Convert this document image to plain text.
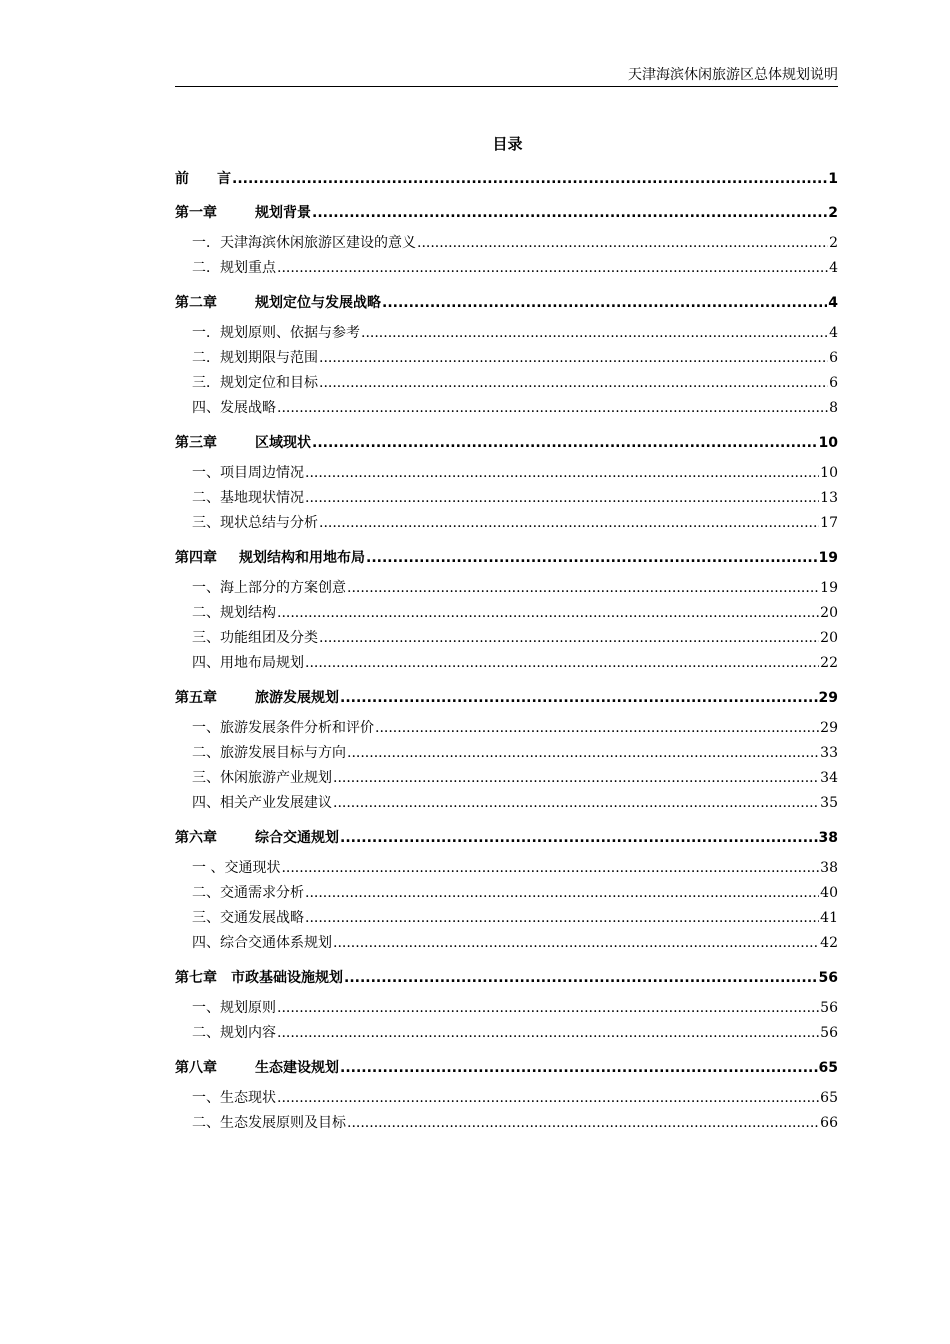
天津海滨休闲旅游区总体规划说明
目录
前　　言 .....	1
第一章	规划背景 .....	2
一．天津海滨休闲旅游区建设的意义 .....	2
二．规划重点 .....	4
第二章	规划定位与发展战略 .....	4
一．规划原则、依据与参考 .....	4
二．规划期限与范围 .....	6
三．规划定位和目标 .....	6
四、发展战略 .....	8
第三章	区域现状 .....	10
一、项目周边情况 .....	10
二、基地现状情况 .....	13
三、现状总结与分析 .....	17
第四章	规划结构和用地布局 .....	19
一、海上部分的方案创意 .....	19
二、规划结构 .....	20
三、功能组团及分类 .....	20
四、用地布局规划 .....	22
第五章	旅游发展规划 .....	29
一、旅游发展条件分析和评价 .....	29
二、旅游发展目标与方向 .....	33
三、休闲旅游产业规划 .....	34
四、相关产业发展建议 .....	35
第六章	综合交通规划 .....	38
一 、交通现状 .....	38
二、交通需求分析 .....	40
三、交通发展战略 .....	41
四、综合交通体系规划 .....	42
第七章	市政基础设施规划 .....	56
一、规划原则 .....	56
二、规划内容 .....	56
第八章	生态建设规划 .....	65
一、生态现状 .....	65
二、生态发展原则及目标 .....	66
